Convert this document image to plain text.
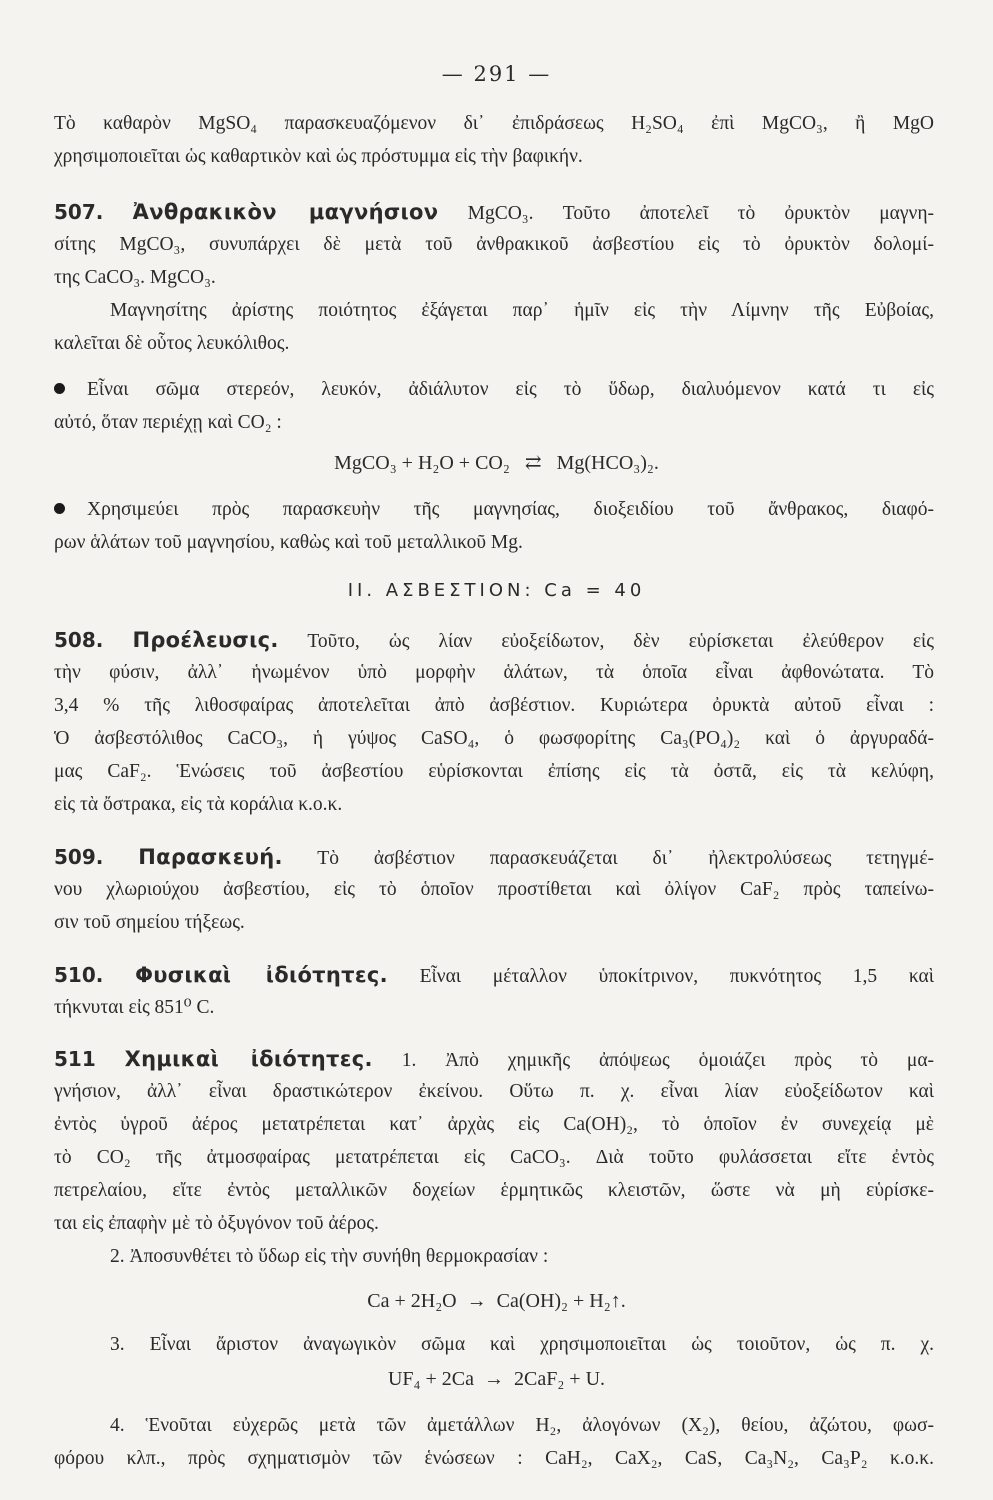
— 291 —
Τὸ καθαρὸν MgSO₄ παρασκευαζόμενον δι᾽ ἐπιδράσεως H₂SO₄ ἐπὶ MgCO₃, ἢ MgO
χρησιμοποιεῖται ὡς καθαρτικὸν καὶ ὡς πρόστυμμα εἰς τὴν βαφικήν.
507. Ἀνθρακικὸν μαγνήσιον MgCO₃. Τοῦτο ἀποτελεῖ τὸ ὀρυκτὸν μαγνη-
σίτης MgCO₃, συνυπάρχει δὲ μετὰ τοῦ ἀνθρακικοῦ ἀσβεστίου εἰς τὸ ὀρυκτὸν δολομί-
της CaCO₃. MgCO₃.
Μαγνησίτης ἀρίστης ποιότητος ἐξάγεται παρ᾽ ἡμῖν εἰς τὴν Λίμνην τῆς Εὐβοίας,
καλεῖται δὲ οὗτος λευκόλιθος.
Εἶναι σῶμα στερεόν, λευκόν, ἀδιάλυτον εἰς τὸ ὕδωρ, διαλυόμενον κατά τι εἰς
αὐτό, ὅταν περιέχῃ καὶ CO₂ :
MgCO₃ + H₂O + CO₂   ⇄   Mg(HCO₃)₂.
Χρησιμεύει πρὸς παρασκευὴν τῆς μαγνησίας, διοξειδίου τοῦ ἄνθρακος, διαφό-
ρων ἁλάτων τοῦ μαγνησίου, καθὼς καὶ τοῦ μεταλλικοῦ Mg.
II. ΑΣΒΕΣΤΙΟΝ: Ca = 40
508. Προέλευσις. Τοῦτο, ὡς λίαν εὐοξείδωτον, δὲν εὑρίσκεται ἐλεύθερον εἰς
τὴν φύσιν, ἀλλ᾽ ἡνωμένον ὑπὸ μορφὴν ἁλάτων, τὰ ὁποῖα εἶναι ἀφθονώτατα. Τὸ
3,4 % τῆς λιθοσφαίρας ἀποτελεῖται ἀπὸ ἀσβέστιον. Κυριώτερα ὀρυκτὰ αὐτοῦ εἶναι :
Ὁ ἀσβεστόλιθος CaCO₃, ἡ γύψος CaSO₄, ὁ φωσφορίτης Ca₃(PO₄)₂ καὶ ὁ ἀργυραδά-
μας CaF₂. Ἑνώσεις τοῦ ἀσβεστίου εὑρίσκονται ἐπίσης εἰς τὰ ὀστᾶ, εἰς τὰ κελύφη,
εἰς τὰ ὄστρακα, εἰς τὰ κοράλια κ.ο.κ.
509. Παρασκευή. Τὸ ἀσβέστιον παρασκευάζεται δι᾽ ἠλεκτρολύσεως τετηγμέ-
νου χλωριούχου ἀσβεστίου, εἰς τὸ ὁποῖον προστίθεται καὶ ὀλίγον CaF₂ πρὸς ταπείνω-
σιν τοῦ σημείου τήξεως.
510. Φυσικαὶ ἰδιότητες. Εἶναι μέταλλον ὑποκίτρινον, πυκνότητος 1,5 καὶ
τήκνυται εἰς 851⁰ C.
511 Χημικαὶ ἰδιότητες. 1. Ἀπὸ χημικῆς ἀπόψεως ὁμοιάζει πρὸς τὸ μα-
γνήσιον, ἀλλ᾽ εἶναι δραστικώτερον ἐκείνου. Οὕτω π. χ. εἶναι λίαν εὐοξείδωτον καὶ
ἐντὸς ὑγροῦ ἀέρος μετατρέπεται κατ᾽ ἀρχὰς εἰς Ca(OH)₂, τὸ ὁποῖον ἐν συνεχείᾳ μὲ
τὸ CO₂ τῆς ἀτμοσφαίρας μετατρέπεται εἰς CaCO₃. Διὰ τοῦτο φυλάσσεται εἴτε ἐντὸς
πετρελαίου, εἴτε ἐντὸς μεταλλικῶν δοχείων ἑρμητικῶς κλειστῶν, ὥστε νὰ μὴ εὑρίσκε-
ται εἰς ἐπαφὴν μὲ τὸ ὀξυγόνον τοῦ ἀέρος.
2. Ἀποσυνθέτει τὸ ὕδωρ εἰς τὴν συνήθη θερμοκρασίαν :
Ca + 2H₂O  →  Ca(OH)₂ + H₂↑.
3. Εἶναι ἄριστον ἀναγωγικὸν σῶμα καὶ χρησιμοποιεῖται ὡς τοιοῦτον, ὡς π. χ.
UF₄ + 2Ca  →  2CaF₂ + U.
4. Ἑνοῦται εὐχερῶς μετὰ τῶν ἀμετάλλων H₂, ἀλογόνων (X₂), θείου, ἀζώτου, φωσ-
φόρου κλπ., πρὸς σχηματισμὸν τῶν ἑνώσεων : CaH₂, CaX₂, CaS, Ca₃N₂, Ca₃P₂ κ.ο.κ.
